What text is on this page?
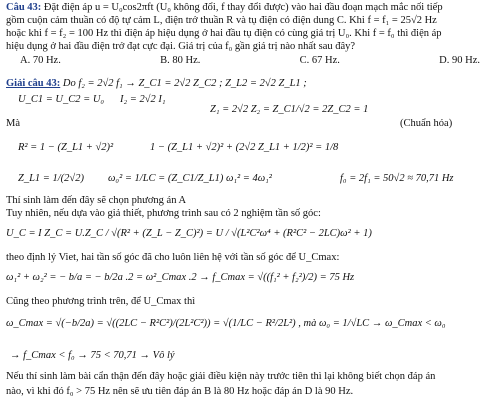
Câu 43: Đặt điện áp u = U₀cos2πft (U₀ không đổi, f thay đổi được) vào hai đầu đoạn mạch mắc nối tiếp
gồm cuộn cảm thuần có độ tự cảm L, điện trở thuần R và tụ điện có điện dung C. Khi f = f₁ = 25√2 Hz
hoặc khi f = f₂ = 100 Hz thì điện áp hiệu dụng ở hai đầu tụ điện có cùng giá trị U₀. Khi f = f₀ thì điện áp
hiệu dụng ở hai đầu điện trở đạt cực đại. Giá trị của f₀ gần giá trị nào nhất sau đây?
A. 70 Hz.	B. 80 Hz.	C. 67 Hz.	D. 90 Hz.
Giải câu 43: Do f₂ = 2√2 f₁ → Z_C1 = 2√2 Z_C2 ; Z_L2 = 2√2 Z_L1 ;
U_C1 = U_C2 = U₀ I₂ = 2√2 I₁
Z₁ = 2√2 Z₂ = Z_C1/√2 = 2Z_C2 = 1
Mà	(Chuẩn hóa)
R² = 1 − (Z_L1 + √2)²	1 − (Z_L1 + √2)² + (2√2 Z_L1 + 1/2)² = 1/8
Z_L1 = 1/(2√2) ω₀² = 1/LC = (Z_C1/Z_L1) ω₁² = 4ω₁²	f₀ = 2f₁ = 50√2 ≈ 70,71 Hz
Thí sinh làm đến đây sẽ chọn phương án A
Tuy nhiên, nếu dựa vào giả thiết, phương trình sau có 2 nghiệm tần số góc:
U_C = I Z_C = U.Z_C / √(R² + (Z_L − Z_C)²) = U / √(L²C²ω⁴ + (R²C² − 2LC)ω² + 1)
theo định lý Viet, hai tần số góc đã cho luôn liên hệ với tần số góc để U_Cmax:
ω₁² + ω₂² = − b/a = − b/2a .2 = ω²_Cmax .2 → f_Cmax = √((f₁² + f₂²)/2) = 75 Hz
Cũng theo phương trình trên, để U_Cmax thì
ω_Cmax = √(−b/2a) = √((2LC − R²C²)/(2L²C²)) = √(1/LC − R²/2L²) , mà ω₀ = 1/√LC → ω_Cmax < ω₀
→ f_Cmax < f₀ → 75 < 70,71 → Vô lý
Nếu thí sinh làm bài cẩn thận đến đây hoặc giải điều kiện này trước tiên thì lại không biết chọn đáp án
nào, vì khi đó f₀ > 75 Hz nên sẽ ưu tiên đáp án B là 80 Hz hoặc đáp án D là 90 Hz.
